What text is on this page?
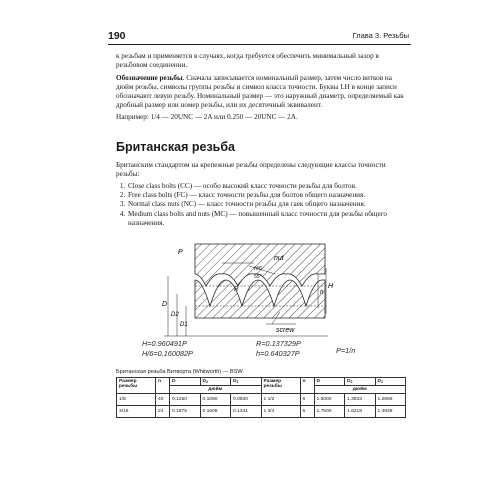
190	Глава 3. Резьбы

к резьбам и применяется в случаях, когда требуется обеспечить минимальный зазор в резьбовом соединении.

Обозначение резьбы. Сначала записывается номинальный размер, затем число витков на дюйм резьбы, символы группы резьбы и символ класса точности. Буквы LH в конце записи обозначают левую резьбу. Номинальный размер — это наружный диаметр, определяемый как дробный размер или номер резьбы, или их десятичный эквивалент.

Например: 1/4 — 20UNC — 2A или 0.250 — 20UNC — 2A.

Британская резьба

Британским стандартом на крепежные резьбы определены следующие классы точности резьбы:

1. Close class bolts (CC) — особо высокий класс точности резьбы для болтов.
2. Free class bolts (FC) — класс точности резьбы для болтов общего назначения.
3. Normal class nuts (NC) — класс точности резьбы для гаек общего назначения.
4. Medium class bolts and nuts (MC) — повышенный класс точности для резьбы общего назначения.
P
nut
55°
H/6
R
D
D2
D1
h
H
screw
H=0.960491P
H/6=0.160082P
R=0.137329P
h=0.640327P	P=1/n
Британская резьба Витворта (Whitworth) — BSW
Размер резьбы	n	D	$D_2$	$D_1$	Размер резьбы	n	D	$D_2$	$D_1$
		дюйм					дюйм		
1/8	40	0.1250	0.1090	0.0930	1 1/2	6	1.5000	1.3933	1.2866
3/16	24	0.1875	0.1608	0.1341	1 3/4	5	1.7500	1.6219	1.4938
